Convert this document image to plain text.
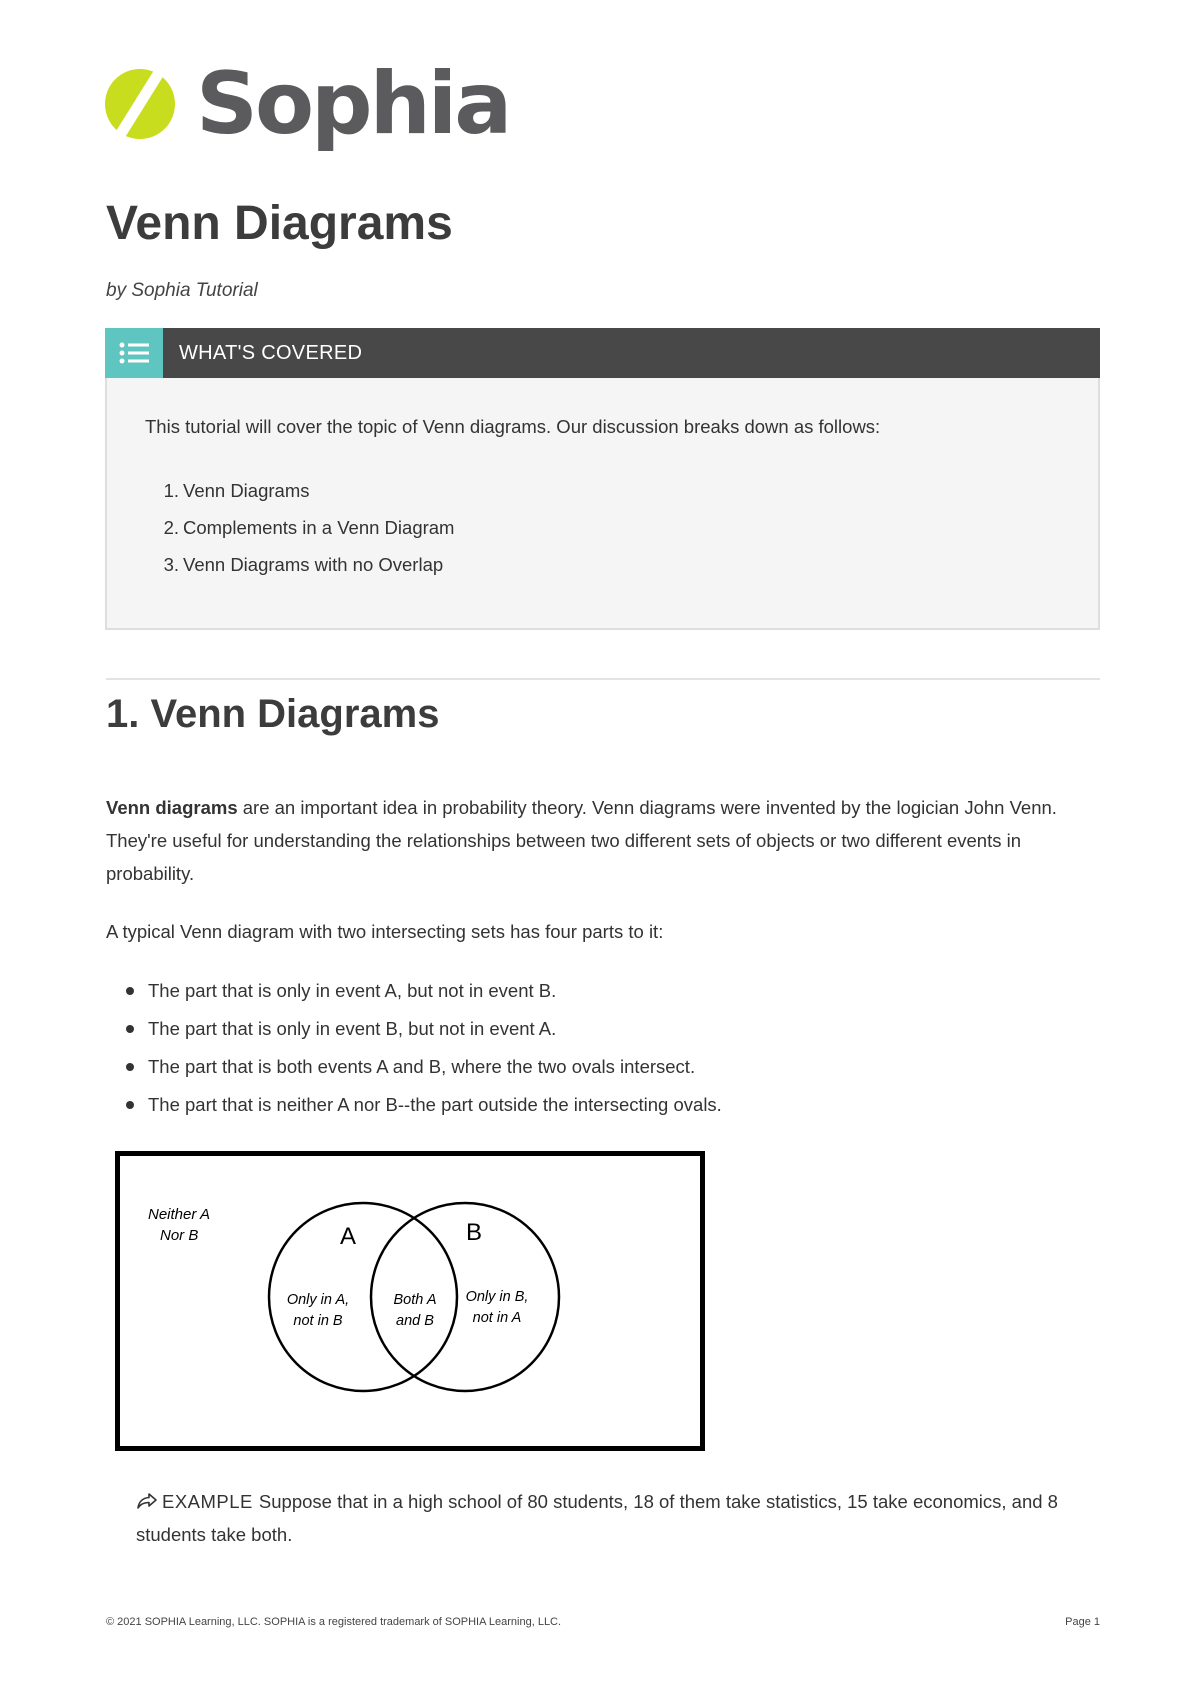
Sophia
Venn Diagrams
by Sophia Tutorial
WHAT'S COVERED
This tutorial will cover the topic of Venn diagrams. Our discussion breaks down as follows:
1. Venn Diagrams
2. Complements in a Venn Diagram
3. Venn Diagrams with no Overlap
1. Venn Diagrams

Venn diagrams are an important idea in probability theory. Venn diagrams were invented by the logician John Venn. They're useful for understanding the relationships between two different sets of objects or two different events in probability.

A typical Venn diagram with two intersecting sets has four parts to it:

The part that is only in event A, but not in event B.
The part that is only in event B, but not in event A.
The part that is both events A and B, where the two ovals intersect.
The part that is neither A nor B--the part outside the intersecting ovals.
Neither A
Nor B	A	B
Only in A,
not in B
Both A
and B
Only in B,
not in A
EXAMPLE Suppose that in a high school of 80 students, 18 of them take statistics, 15 take economics, and 8 students take both.
© 2021 SOPHIA Learning, LLC. SOPHIA is a registered trademark of SOPHIA Learning, LLC.	Page 1
